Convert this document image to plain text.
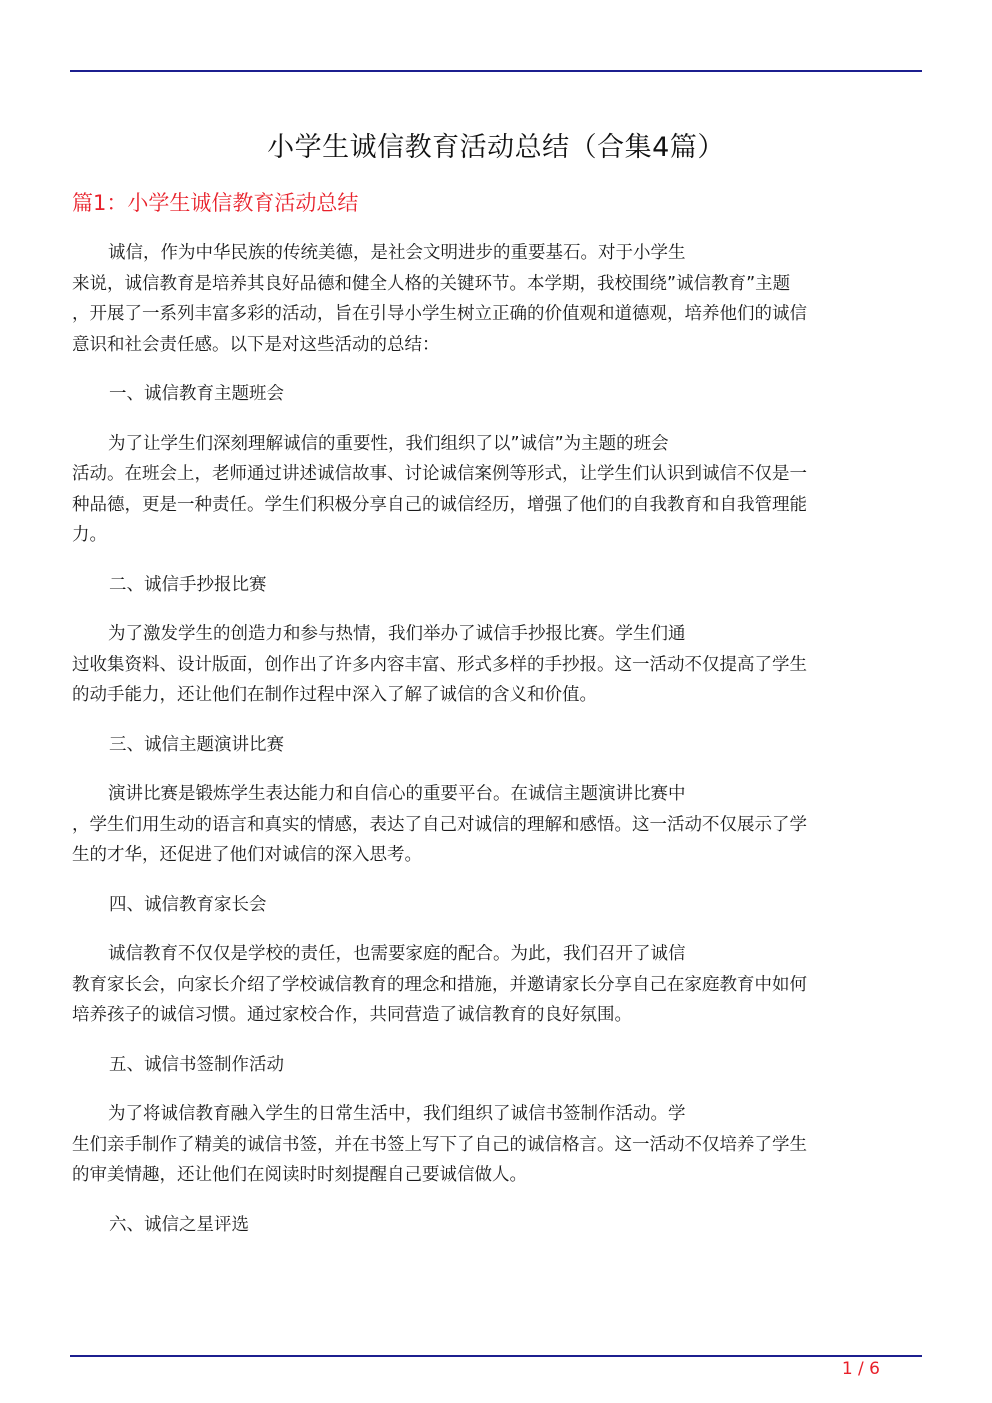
小学生诚信教育活动总结（合集4篇）
篇1：小学生诚信教育活动总结
诚信，作为中华民族的传统美德，是社会文明进步的重要基石。对于小学生
来说，诚信教育是培养其良好品德和健全人格的关键环节。本学期，我校围绕”诚信教育”主题
，开展了一系列丰富多彩的活动，旨在引导小学生树立正确的价值观和道德观，培养他们的诚信
意识和社会责任感。以下是对这些活动的总结：
一、诚信教育主题班会
为了让学生们深刻理解诚信的重要性，我们组织了以”诚信”为主题的班会
活动。在班会上，老师通过讲述诚信故事、讨论诚信案例等形式，让学生们认识到诚信不仅是一
种品德，更是一种责任。学生们积极分享自己的诚信经历，增强了他们的自我教育和自我管理能
力。
二、诚信手抄报比赛
为了激发学生的创造力和参与热情，我们举办了诚信手抄报比赛。学生们通
过收集资料、设计版面，创作出了许多内容丰富、形式多样的手抄报。这一活动不仅提高了学生
的动手能力，还让他们在制作过程中深入了解了诚信的含义和价值。
三、诚信主题演讲比赛
演讲比赛是锻炼学生表达能力和自信心的重要平台。在诚信主题演讲比赛中
，学生们用生动的语言和真实的情感，表达了自己对诚信的理解和感悟。这一活动不仅展示了学
生的才华，还促进了他们对诚信的深入思考。
四、诚信教育家长会
诚信教育不仅仅是学校的责任，也需要家庭的配合。为此，我们召开了诚信
教育家长会，向家长介绍了学校诚信教育的理念和措施，并邀请家长分享自己在家庭教育中如何
培养孩子的诚信习惯。通过家校合作，共同营造了诚信教育的良好氛围。
五、诚信书签制作活动
为了将诚信教育融入学生的日常生活中，我们组织了诚信书签制作活动。学
生们亲手制作了精美的诚信书签，并在书签上写下了自己的诚信格言。这一活动不仅培养了学生
的审美情趣，还让他们在阅读时时刻提醒自己要诚信做人。
六、诚信之星评选
1 / 6
